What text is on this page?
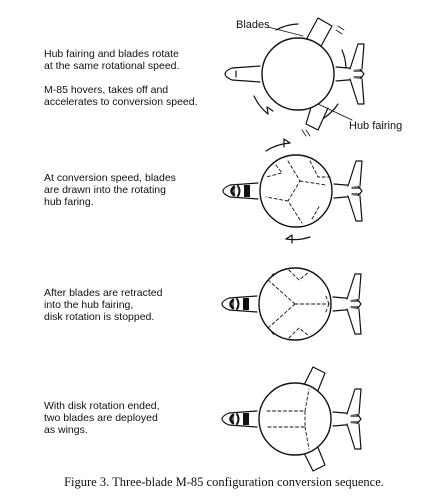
Hub fairing and blades rotate
at the same rotational speed.
M-85 hovers, takes off and
accelerates to conversion speed.
At conversion speed, blades
are drawn into the rotating
hub faring.
After blades are retracted
into the hub fairing,
disk rotation is stopped.
With disk rotation ended,
two blades are deployed
as wings.
Blades
Hub fairing
Figure 3. Three-blade M-85 configuration conversion sequence.
